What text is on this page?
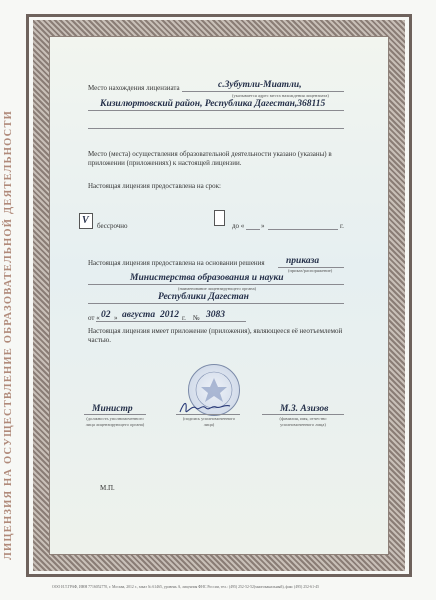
ЛИЦЕНЗИЯ НА ОСУЩЕСТВЛЕНИЕ ОБРАЗОВАТЕЛЬНОЙ ДЕЯТЕЛЬНОСТИ
Место нахождения лицензиата	с.Зубутли-Миатли,
(указывается адрес места нахождения лицензиата)
Кизилюртовский район, Республика Дагестан,368115
Место (места) осуществления образовательной деятельности указано (указаны) в приложении (приложениях) к настоящей лицензии.
Настоящая лицензия предоставлена на срок:
V бессрочно	до « »	г.
Настоящая лицензия предоставлена на основании решения приказа
(приказ/распоряжение)
Министерства образования и науки
(наименование лицензирующего органа)
Республики Дагестан
от « 02 » августа 2012 г. № 3083
Настоящая лицензия имеет приложение (приложения), являющееся её неотъемлемой частью.
Министр
(должность уполномоченного лица лицензирующего органа)
(подпись уполномоченного лица)
М.З. Азизов
(фамилия, имя, отчество уполномоченного лица)
М.П.
ООО И.Т.ГРАФ, ИНН 7716052770, г. Москва, 2012 г., заказ № 61465, уровень А, лицензия ФНС России, тел.: (495) 252-52-52(многоканальный), факс (495) 252-61-45
